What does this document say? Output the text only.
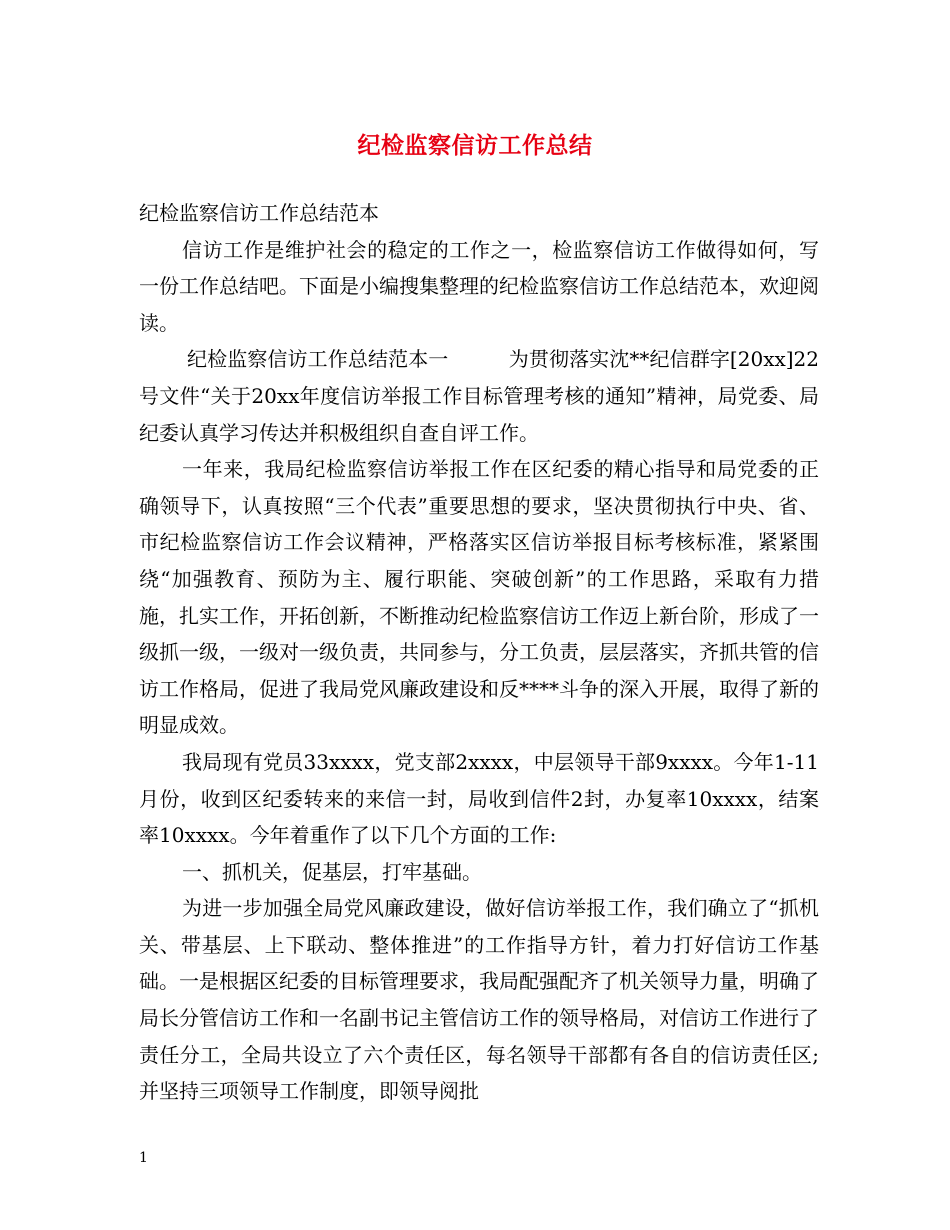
纪检监察信访工作总结

纪检监察信访工作总结范本

信访工作是维护社会的稳定的工作之一，检监察信访工作做得如何，写一份工作总结吧。下面是小编搜集整理的纪检监察信访工作总结范本，欢迎阅读。

纪检监察信访工作总结范本一　　　为贯彻落实沈**纪信群字[20xx]22号文件“关于20xx年度信访举报工作目标管理考核的通知”精神，局党委、局纪委认真学习传达并积极组织自查自评工作。

一年来，我局纪检监察信访举报工作在区纪委的精心指导和局党委的正确领导下，认真按照“三个代表”重要思想的要求，坚决贯彻执行中央、省、市纪检监察信访工作会议精神，严格落实区信访举报目标考核标准，紧紧围绕“加强教育、预防为主、履行职能、突破创新”的工作思路，采取有力措施，扎实工作，开拓创新，不断推动纪检监察信访工作迈上新台阶，形成了一级抓一级，一级对一级负责，共同参与，分工负责，层层落实，齐抓共管的信访工作格局，促进了我局党风廉政建设和反****斗争的深入开展，取得了新的明显成效。

我局现有党员33xxxx，党支部2xxxx，中层领导干部9xxxx。今年1-11月份，收到区纪委转来的来信一封，局收到信件2封，办复率10xxxx，结案率10xxxx。今年着重作了以下几个方面的工作:

一、抓机关，促基层，打牢基础。

为进一步加强全局党风廉政建设，做好信访举报工作，我们确立了“抓机关、带基层、上下联动、整体推进”的工作指导方针，着力打好信访工作基础。一是根据区纪委的目标管理要求，我局配强配齐了机关领导力量，明确了局长分管信访工作和一名副书记主管信访工作的领导格局，对信访工作进行了责任分工，全局共设立了六个责任区，每名领导干部都有各自的信访责任区;并坚持三项领导工作制度，即领导阅批

1
